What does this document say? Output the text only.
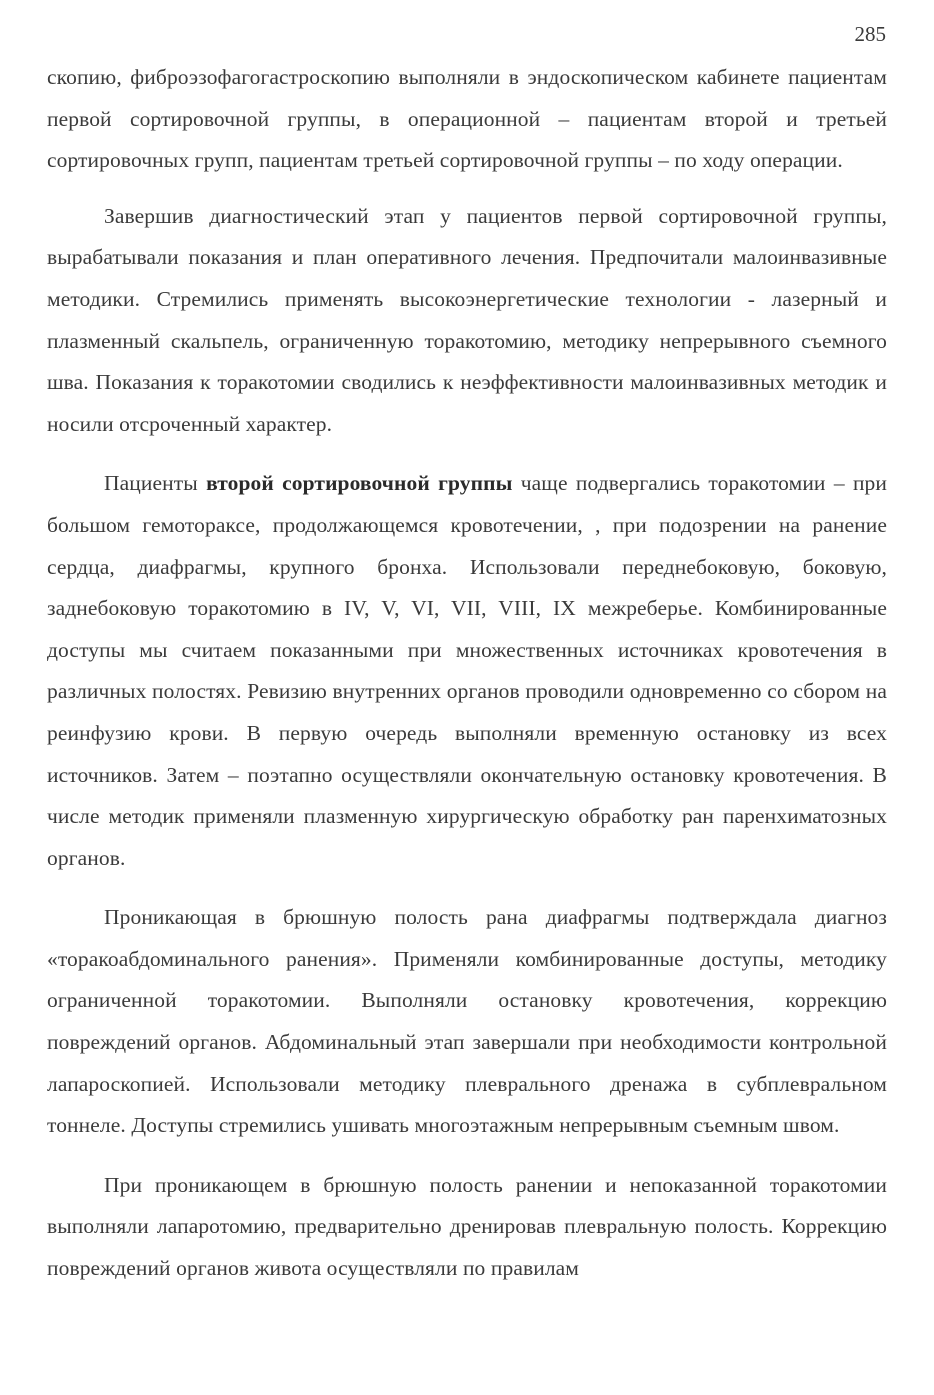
285

скопию, фиброэзофагогастроскопию выполняли в эндоскопическом кабинете пациентам первой сортировочной группы, в операционной – пациентам второй и третьей сортировочных групп, пациентам третьей сортировочной группы – по ходу операции.

Завершив диагностический этап у пациентов первой сортировочной группы, вырабатывали показания и план оперативного лечения. Предпочитали малоинвазивные методики. Стремились применять высокоэнергетические технологии - лазерный и плазменный скальпель, ограниченную торакотомию, методику непрерывного съемного шва. Показания к торакотомии сводились к неэффективности малоинвазивных методик и носили отсроченный характер.

Пациенты второй сортировочной группы чаще подвергались торакотомии – при большом гемотораксе, продолжающемся кровотечении, , при подозрении на ранение сердца, диафрагмы, крупного бронха. Использовали переднебоковую, боковую, заднебоковую торакотомию в IV, V, VI, VII, VIII, IX межреберье. Комбинированные доступы мы считаем показанными при множественных источниках кровотечения в различных полостях. Ревизию внутренних органов проводили одновременно со сбором на реинфузию крови. В первую очередь выполняли временную остановку из всех источников. Затем – поэтапно осуществляли окончательную остановку кровотечения. В числе методик применяли плазменную хирургическую обработку ран паренхиматозных органов.

Проникающая в брюшную полость рана диафрагмы подтверждала диагноз «торакоабдоминального ранения». Применяли комбинированные доступы, методику ограниченной торакотомии. Выполняли остановку кровотечения, коррекцию повреждений органов. Абдоминальный этап завершали при необходимости контрольной лапароскопией. Использовали методику плеврального дренажа в субплевральном тоннеле. Доступы стремились ушивать многоэтажным непрерывным съемным швом.

При проникающем в брюшную полость ранении и непоказанной торакотомии выполняли лапаротомию, предварительно дренировав плевральную полость. Коррекцию повреждений органов живота осуществляли по правилам
